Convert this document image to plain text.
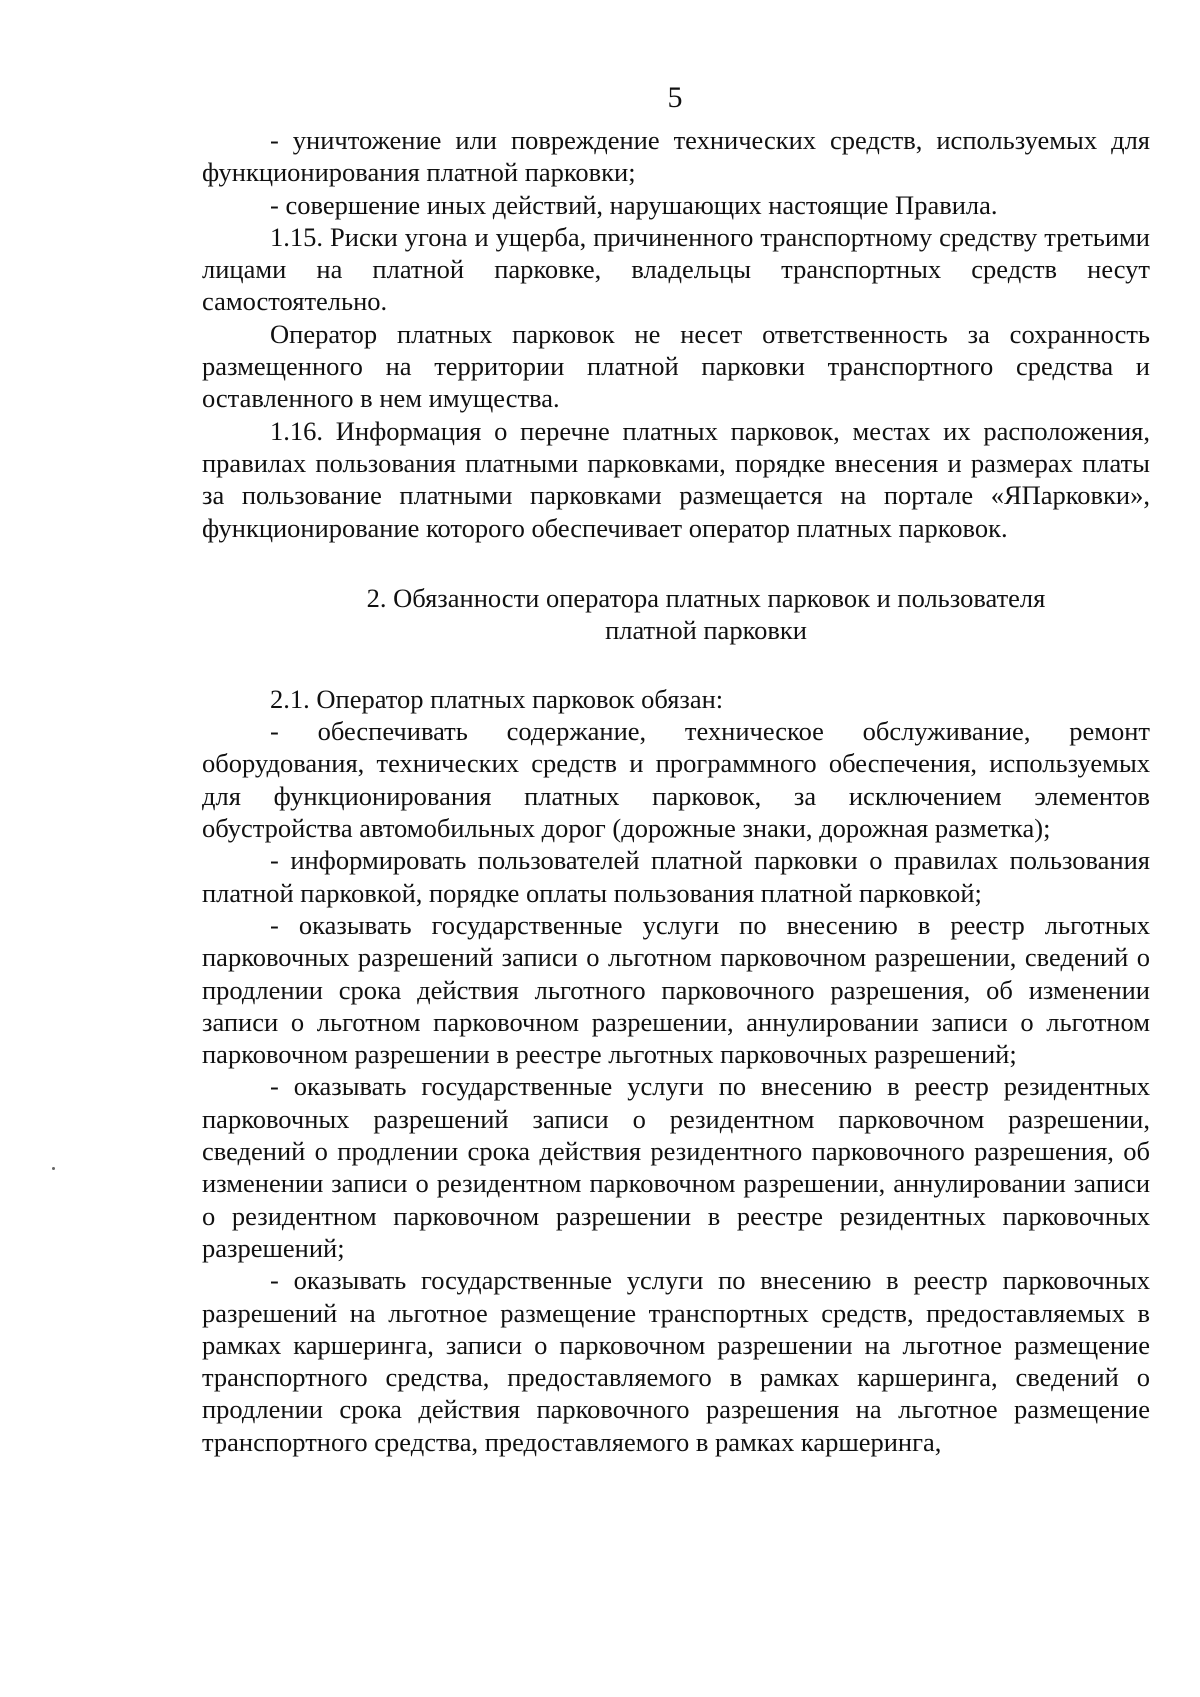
5

- уничтожение или повреждение технических средств, используемых для функционирования платной парковки;

- совершение иных действий, нарушающих настоящие Правила.

1.15. Риски угона и ущерба, причиненного транспортному средству третьими лицами на платной парковке, владельцы транспортных средств несут самостоятельно.

Оператор платных парковок не несет ответственность за сохранность размещенного на территории платной парковки транспортного средства и оставленного в нем имущества.

1.16. Информация о перечне платных парковок, местах их расположения, правилах пользования платными парковками, порядке внесения и размерах платы за пользование платными парковками размещается на портале «ЯПарковки», функционирование которого обеспечивает оператор платных парковок.

2. Обязанности оператора платных парковок и пользователя
платной парковки

2.1. Оператор платных парковок обязан:

- обеспечивать содержание, техническое обслуживание, ремонт оборудования, технических средств и программного обеспечения, используемых для функционирования платных парковок, за исключением элементов обустройства автомобильных дорог (дорожные знаки, дорожная разметка);

- информировать пользователей платной парковки о правилах пользования платной парковкой, порядке оплаты пользования платной парковкой;

- оказывать государственные услуги по внесению в реестр льготных парковочных разрешений записи о льготном парковочном разрешении, сведений о продлении срока действия льготного парковочного разрешения, об изменении записи о льготном парковочном разрешении, аннулировании записи о льготном парковочном разрешении в реестре льготных парковочных разрешений;

- оказывать государственные услуги по внесению в реестр резидентных парковочных разрешений записи о резидентном парковочном разрешении, сведений о продлении срока действия резидентного парковочного разрешения, об изменении записи о резидентном парковочном разрешении, аннулировании записи о резидентном парковочном разрешении в реестре резидентных парковочных разрешений;

- оказывать государственные услуги по внесению в реестр парковочных разрешений на льготное размещение транспортных средств, предоставляемых в рамках каршеринга, записи о парковочном разрешении на льготное размещение транспортного средства, предоставляемого в рамках каршеринга, сведений о продлении срока действия парковочного разрешения на льготное размещение транспортного средства, предоставляемого в рамках каршеринга,
